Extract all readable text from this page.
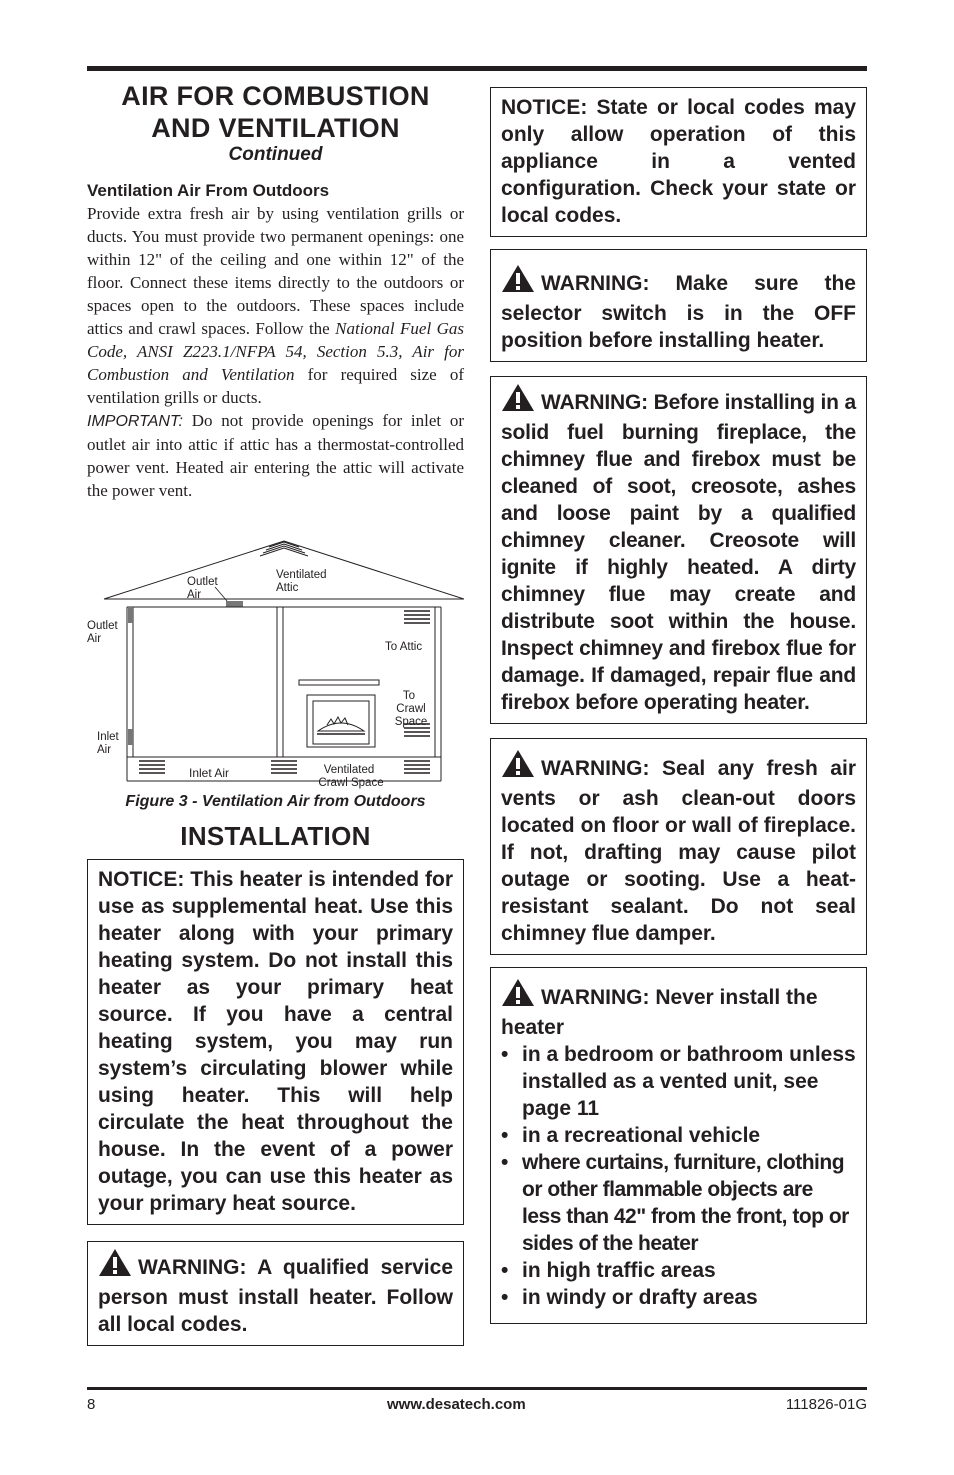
AIR FOR COMBUSTION
AND VENTILATION

Continued

Ventilation Air From Outdoors

Provide extra fresh air by using ventilation grills or ducts. You must provide two permanent openings: one within 12" of the ceiling and one within 12" of the floor. Connect these items directly to the outdoors or spaces open to the outdoors. These spaces include attics and crawl spaces. Follow the National Fuel Gas Code, ANSI Z223.1/NFPA 54, Section 5.3, Air for Combustion and Ventilation for required size of ventilation grills or ducts.

IMPORTANT: Do not provide openings for inlet or outlet air into attic if attic has a thermostat-controlled power vent. Heated air entering the attic will activate the power vent.

Outlet
Air
Ventilated
Attic
Outlet
Air
To Attic
To
Crawl
Space
Inlet
Air
Inlet Air	Ventilated
Crawl Space

Figure 3 - Ventilation Air from Outdoors

INSTALLATION
NOTICE: This heater is intended for use as supplemental heat. Use this heater along with your primary heating system. Do not install this heater as your primary heat source. If you have a central heating system, you may run system’s circulating blower while using heater. This will help circulate the heat throughout the house. In the event of a power outage, you can use this heater as your primary heat source.
WARNING: A qualified service person must install heater. Follow all local codes.
NOTICE: State or local codes may only allow operation of this appliance in a vented configuration. Check your state or local codes.
WARNING: Make sure the selector switch is in the OFF position before installing heater.
WARNING: Before installing in a solid fuel burning fireplace, the chimney flue and firebox must be cleaned of soot, creosote, ashes and loose paint by a qualified chimney cleaner. Creosote will ignite if highly heated. A dirty chimney flue may create and distribute soot within the house. Inspect chimney and firebox flue for damage. If damaged, repair flue and firebox before operating heater.
WARNING: Seal any fresh air vents or ash clean-out doors located on floor or wall of fireplace. If not, drafting may cause pilot outage or sooting. Use a heat-resistant sealant. Do not seal chimney flue damper.
WARNING: Never install the heater
• in a bedroom or bathroom unless installed as a vented unit, see page 11
• in a recreational vehicle
• where curtains, furniture, clothing or other flammable objects are less than 42" from the front, top or sides of the heater
• in high traffic areas
• in windy or drafty areas
8	www.desatech.com	111826-01G
